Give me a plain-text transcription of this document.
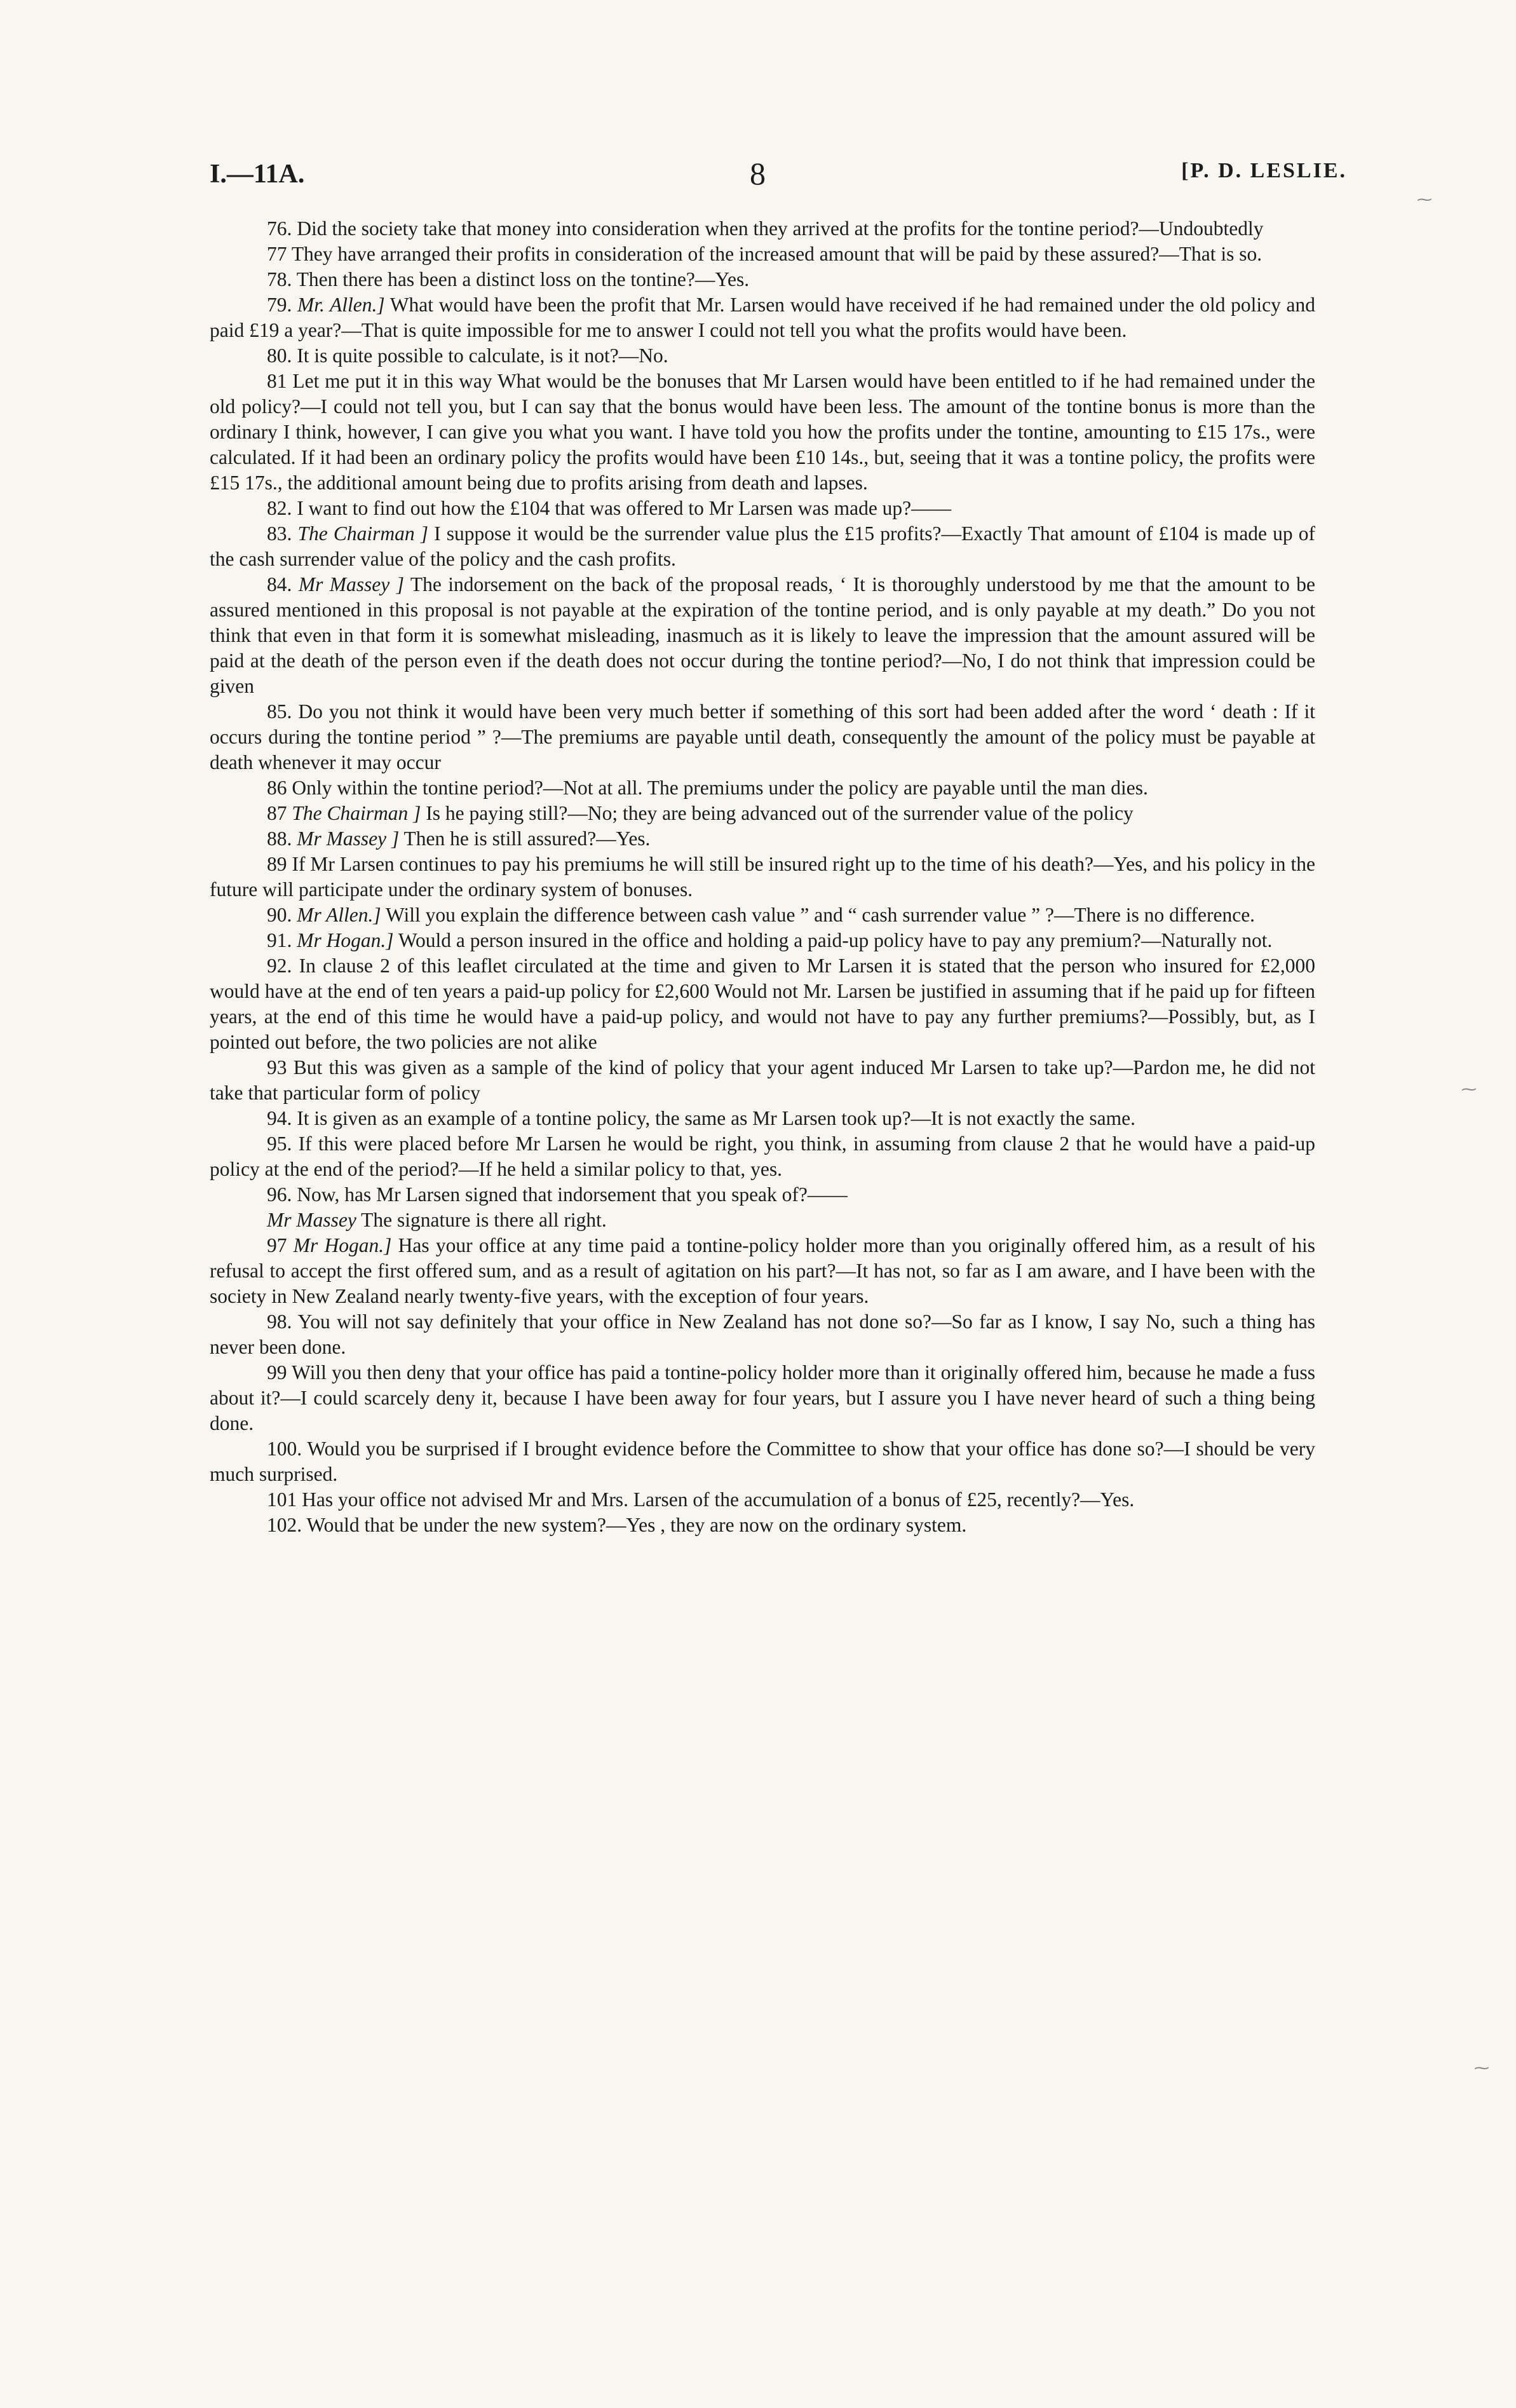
I.—11A.	8	[P. D. LESLIE.

76. Did the society take that money into consideration when they arrived at the profits for the tontine period?—Undoubtedly

77 They have arranged their profits in consideration of the increased amount that will be paid by these assured?—That is so.

78. Then there has been a distinct loss on the tontine?—Yes.

79. Mr. Allen.] What would have been the profit that Mr. Larsen would have received if he had remained under the old policy and paid £19 a year?—That is quite impossible for me to answer I could not tell you what the profits would have been.

80. It is quite possible to calculate, is it not?—No.

81 Let me put it in this way What would be the bonuses that Mr Larsen would have been entitled to if he had remained under the old policy?—I could not tell you, but I can say that the bonus would have been less. The amount of the tontine bonus is more than the ordinary I think, however, I can give you what you want. I have told you how the profits under the tontine, amounting to £15 17s., were calculated. If it had been an ordinary policy the profits would have been £10 14s., but, seeing that it was a tontine policy, the profits were £15 17s., the additional amount being due to profits arising from death and lapses.

82. I want to find out how the £104 that was offered to Mr Larsen was made up?——

83. The Chairman ] I suppose it would be the surrender value plus the £15 profits?—Exactly That amount of £104 is made up of the cash surrender value of the policy and the cash profits.

84. Mr Massey ] The indorsement on the back of the proposal reads, ‘ It is thoroughly understood by me that the amount to be assured mentioned in this proposal is not payable at the expiration of the tontine period, and is only payable at my death.” Do you not think that even in that form it is somewhat misleading, inasmuch as it is likely to leave the impression that the amount assured will be paid at the death of the person even if the death does not occur during the tontine period?—No, I do not think that impression could be given

85. Do you not think it would have been very much better if something of this sort had been added after the word ‘ death : If it occurs during the tontine period ” ?—The premiums are payable until death, consequently the amount of the policy must be payable at death whenever it may occur

86 Only within the tontine period?—Not at all. The premiums under the policy are payable until the man dies.

87 The Chairman ] Is he paying still?—No; they are being advanced out of the surrender value of the policy

88. Mr Massey ] Then he is still assured?—Yes.

89 If Mr Larsen continues to pay his premiums he will still be insured right up to the time of his death?—Yes, and his policy in the future will participate under the ordinary system of bonuses.

90. Mr Allen.] Will you explain the difference between cash value ” and “ cash surrender value ” ?—There is no difference.

91. Mr Hogan.] Would a person insured in the office and holding a paid-up policy have to pay any premium?—Naturally not.

92. In clause 2 of this leaflet circulated at the time and given to Mr Larsen it is stated that the person who insured for £2,000 would have at the end of ten years a paid-up policy for £2,600 Would not Mr. Larsen be justified in assuming that if he paid up for fifteen years, at the end of this time he would have a paid-up policy, and would not have to pay any further premiums?—Possibly, but, as I pointed out before, the two policies are not alike

93 But this was given as a sample of the kind of policy that your agent induced Mr Larsen to take up?—Pardon me, he did not take that particular form of policy

94. It is given as an example of a tontine policy, the same as Mr Larsen took up?—It is not exactly the same.

95. If this were placed before Mr Larsen he would be right, you think, in assuming from clause 2 that he would have a paid-up policy at the end of the period?—If he held a similar policy to that, yes.

96. Now, has Mr Larsen signed that indorsement that you speak of?——

Mr Massey The signature is there all right.

97 Mr Hogan.] Has your office at any time paid a tontine-policy holder more than you originally offered him, as a result of his refusal to accept the first offered sum, and as a result of agitation on his part?—It has not, so far as I am aware, and I have been with the society in New Zealand nearly twenty-five years, with the exception of four years.

98. You will not say definitely that your office in New Zealand has not done so?—So far as I know, I say No, such a thing has never been done.

99 Will you then deny that your office has paid a tontine-policy holder more than it originally offered him, because he made a fuss about it?—I could scarcely deny it, because I have been away for four years, but I assure you I have never heard of such a thing being done.

100. Would you be surprised if I brought evidence before the Committee to show that your office has done so?—I should be very much surprised.

101 Has your office not advised Mr and Mrs. Larsen of the accumulation of a bonus of £25, recently?—Yes.

102. Would that be under the new system?—Yes , they are now on the ordinary system.

⁓
⁓
⁓
